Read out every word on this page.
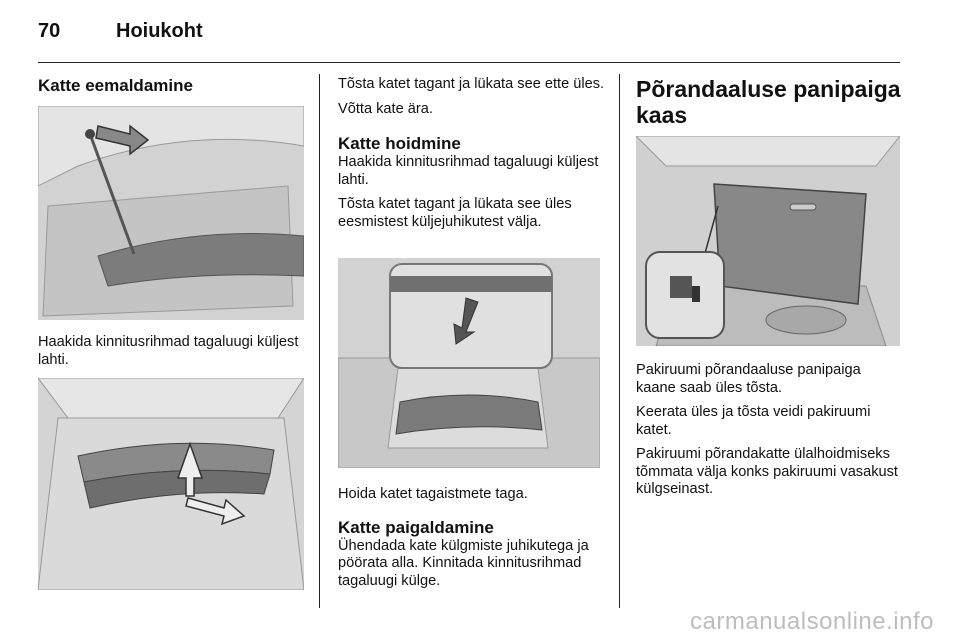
70	Hoiukoht
Katte eemaldamine

Haakida kinnitusrihmad tagaluugi küljest lahti.

Tõsta katet tagant ja lükata see ette üles.

Võtta kate ära.

Katte hoidmine

Haakida kinnitusrihmad tagaluugi küljest lahti.

Tõsta katet tagant ja lükata see üles eesmistest küljejuhikutest välja.

Hoida katet tagaistmete taga.

Katte paigaldamine

Ühendada kate külgmiste juhikutega ja pöörata alla. Kinnitada kinnitusrihmad tagaluugi külge.

Põrandaaluse panipaiga kaas

Pakiruumi põrandaaluse panipaiga kaane saab üles tõsta.

Keerata üles ja tõsta veidi pakiruumi katet.

Pakiruumi põrandakatte ülalhoidmiseks tõmmata välja konks pakiruumi vasakust külgseinast.

carmanualsonline.info
